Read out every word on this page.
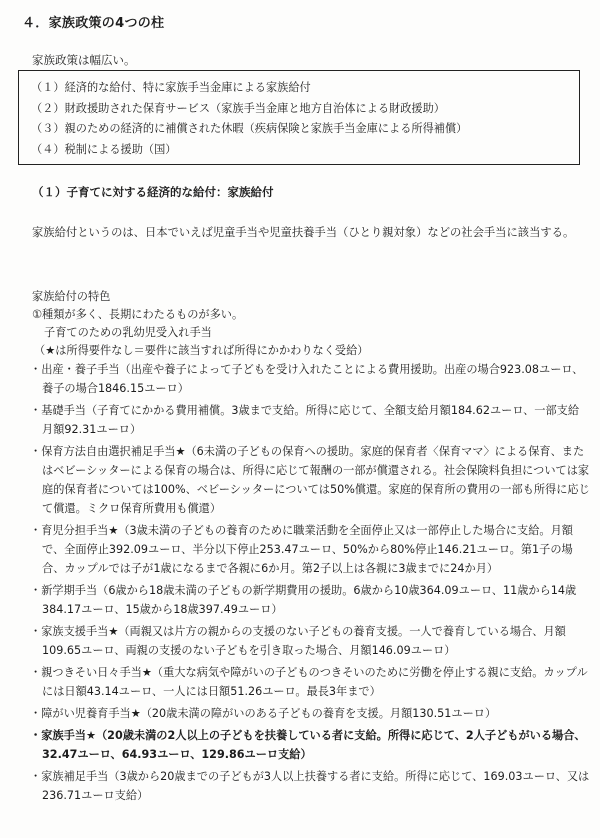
４．家族政策の4つの柱
家族政策は幅広い。
（１）経済的な給付、特に家族手当金庫による家族給付
（２）財政援助された保育サービス（家族手当金庫と地方自治体による財政援助）
（３）親のための経済的に補償された休暇（疾病保険と家族手当金庫による所得補償）
（４）税制による援助（国）
（１）子育てに対する経済的な給付：家族給付
家族給付というのは、日本でいえば児童手当や児童扶養手当（ひとり親対象）などの社会手当に該当する。
家族給付の特色
①種類が多く、長期にわたるものが多い。
子育てのための乳幼児受入れ手当
（★は所得要件なし＝要件に該当すれば所得にかかわりなく受給）
・出産・養子手当（出産や養子によって子どもを受け入れたことによる費用援助。出産の場合923.08ユーロ、養子の場合1846.15ユーロ）
・基礎手当（子育てにかかる費用補償。3歳まで支給。所得に応じて、全額支給月額184.62ユーロ、一部支給月額92.31ユーロ）
・保育方法自由選択補足手当★（6未満の子どもの保育への援助。家庭的保育者〈保育ママ〉による保育、またはベビーシッターによる保育の場合は、所得に応じて報酬の一部が償還される。社会保険料負担については家庭的保育者については100%、ベビーシッターについては50%償還。家庭的保育所の費用の一部も所得に応じて償還。ミクロ保育所費用も償還）
・育児分担手当★（3歳未満の子どもの養育のために職業活動を全面停止又は一部停止した場合に支給。月額で、全面停止392.09ユーロ、半分以下停止253.47ユーロ、50%から80%停止146.21ユーロ。第1子の場合、カップルでは子が1歳になるまで各親に6か月。第2子以上は各親に3歳までに24か月）
・新学期手当（6歳から18歳未満の子どもの新学期費用の援助。6歳から10歳364.09ユーロ、11歳から14歳384.17ユーロ、15歳から18歳397.49ユーロ）
・家族支援手当★（両親又は片方の親からの支援のない子どもの養育支援。一人で養育している場合、月額109.65ユーロ、両親の支援のない子どもを引き取った場合、月額146.09ユーロ）
・親つきそい日々手当★（重大な病気や障がいの子どものつきそいのために労働を停止する親に支給。カップルには日額43.14ユーロ、一人には日額51.26ユーロ。最長3年まで）
・障がい児養育手当★（20歳未満の障がいのある子どもの養育を支援。月額130.51ユーロ）
・家族手当★（20歳未満の2人以上の子どもを扶養している者に支給。所得に応じて、2人子どもがいる場合、32.47ユーロ、64.93ユーロ、129.86ユーロ支給）
・家族補足手当（3歳から20歳までの子どもが3人以上扶養する者に支給。所得に応じて、169.03ユーロ、又は236.71ユーロ支給）
